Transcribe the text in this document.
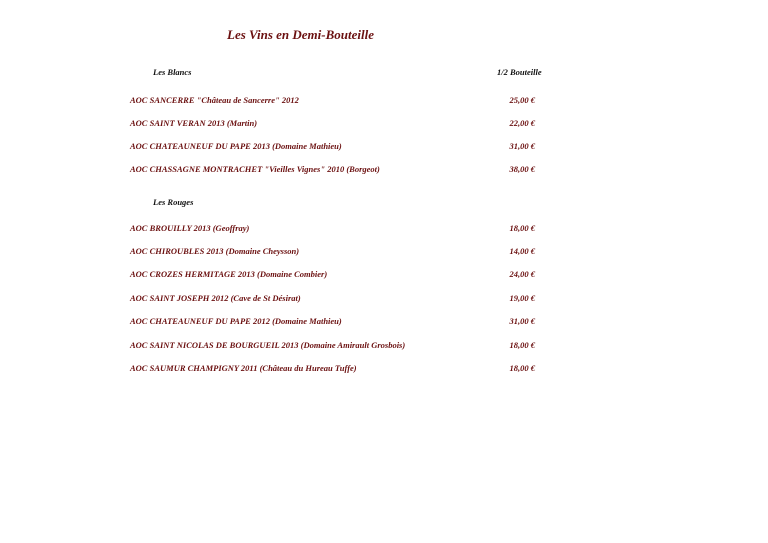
Les Vins en Demi-Bouteille
Les Blancs	1/2 Bouteille
AOC SANCERRE "Château de Sancerre" 2012	25,00 €
AOC SAINT VERAN 2013 (Martin)	22,00 €
AOC CHATEAUNEUF DU PAPE 2013 (Domaine Mathieu)	31,00 €
AOC CHASSAGNE MONTRACHET "Vieilles Vignes" 2010 (Borgeot)	38,00 €
Les Rouges
AOC BROUILLY 2013 (Geoffray)	18,00 €
AOC CHIROUBLES 2013 (Domaine Cheysson)	14,00 €
AOC CROZES HERMITAGE 2013 (Domaine Combier)	24,00 €
AOC SAINT JOSEPH 2012 (Cave de St Désirat)	19,00 €
AOC CHATEAUNEUF DU PAPE 2012 (Domaine Mathieu)	31,00 €
AOC SAINT NICOLAS DE BOURGUEIL 2013 (Domaine Amirault Grosbois)	18,00 €
AOC SAUMUR CHAMPIGNY 2011 (Château du Hureau Tuffe)	18,00 €
